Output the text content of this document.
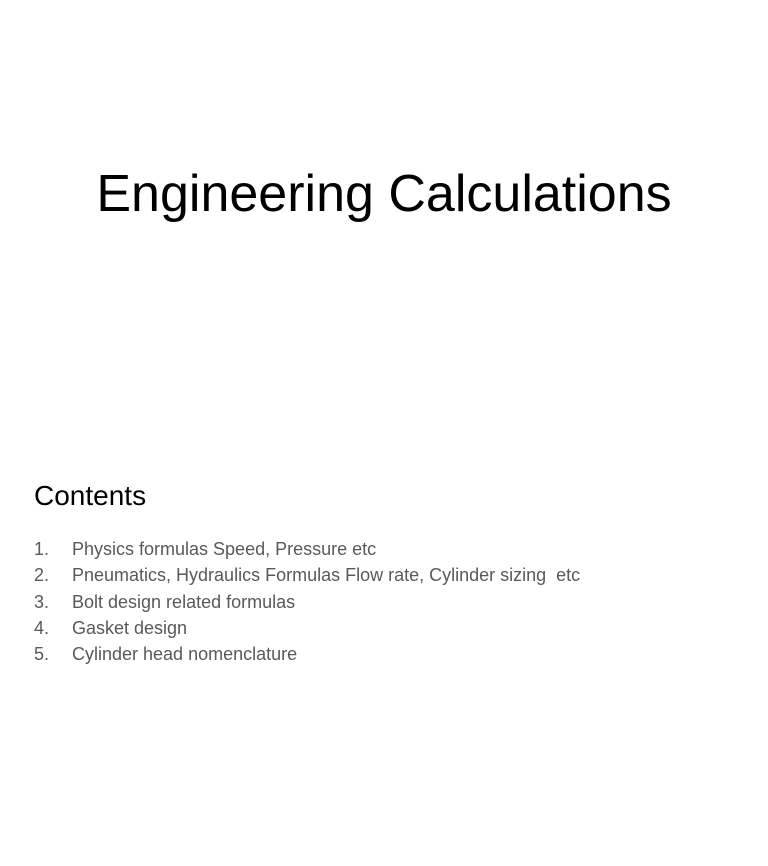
Engineering Calculations
Contents
1.	Physics formulas Speed, Pressure etc
2.	Pneumatics, Hydraulics Formulas Flow rate, Cylinder sizing  etc
3.	Bolt design related formulas
4.	Gasket design
5.	Cylinder head nomenclature
